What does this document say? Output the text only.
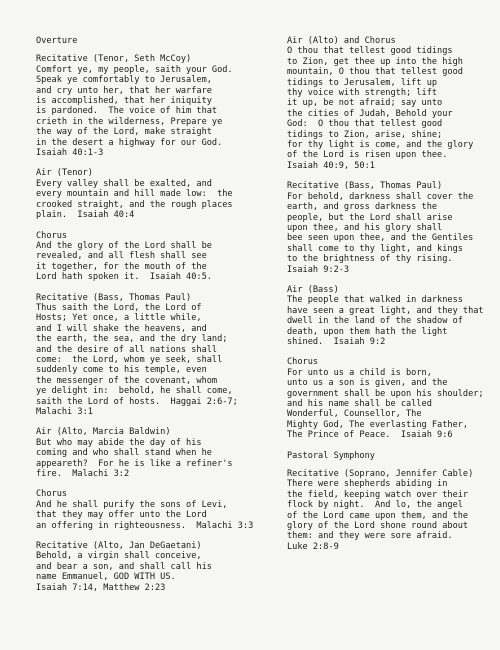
Overture
Recitative (Tenor, Seth McCoy)
Comfort ye, my people, saith your God.
Speak ye comfortably to Jerusalem,
and cry unto her, that her warfare
is accomplished, that her iniquity
is pardoned.  The voice of him that
crieth in the wilderness, Prepare ye
the way of the Lord, make straight
in the desert a highway for our God.
Isaiah 40:1-3
Air (Tenor)
Every valley shall be exalted, and
every mountain and hill made low:  the
crooked straight, and the rough places
plain.  Isaiah 40:4
Chorus
And the glory of the Lord shall be
revealed, and all flesh shall see
it together, for the mouth of the
Lord hath spoken it.  Isaiah 40:5.
Recitative (Bass, Thomas Paul)
Thus saith the Lord, the Lord of
Hosts; Yet once, a little while,
and I will shake the heavens, and
the earth, the sea, and the dry land;
and the desire of all nations shall
come:  the Lord, whom ye seek, shall
suddenly come to his temple, even
the messenger of the covenant, whom
ye delight in:  behold, he shall come,
saith the Lord of hosts.  Haggai 2:6-7;
Malachi 3:1
Air (Alto, Marcia Baldwin)
But who may abide the day of his
coming and who shall stand when he
appeareth?  For he is like a refiner's
fire.  Malachi 3:2
Chorus
And he shall purify the sons of Levi,
that they may offer unto the Lord
an offering in righteousness.  Malachi 3:3
Recitative (Alto, Jan DeGaetani)
Behold, a virgin shall conceive,
and bear a son, and shall call his
name Emmanuel, GOD WITH US.
Isaiah 7:14, Matthew 2:23
Air (Alto) and Chorus
O thou that tellest good tidings
to Zion, get thee up into the high
mountain, O thou that tellest good
tidings to Jerusalem, lift up
thy voice with strength; lift
it up, be not afraid; say unto
the cities of Judah, Behold your
God:  O thou that tellest good
tidings to Zion, arise, shine;
for thy light is come, and the glory
of the Lord is risen upon thee.
Isaiah 40:9, 50:1
Recitative (Bass, Thomas Paul)
For behold, darkness shall cover the
earth, and gross darkness the
people, but the Lord shall arise
upon thee, and his glory shall
bee seen upon thee, and the Gentiles
shall come to thy light, and kings
to the brightness of thy rising.
Isaiah 9:2-3
Air (Bass)
The people that walked in darkness
have seen a great light, and they that
dwell in the land of the shadow of
death, upon them hath the light
shined.  Isaiah 9:2
Chorus
For unto us a child is born,
unto us a son is given, and the
government shall be upon his shoulder;
and his name shall be called
Wonderful, Counsellor, The
Mighty God, The everlasting Father,
The Prince of Peace.  Isaiah 9:6
Pastoral Symphony
Recitative (Soprano, Jennifer Cable)
There were shepherds abiding in
the field, keeping watch over their
flock by night.  And lo, the angel
of the Lord came upon them, and the
glory of the Lord shone round about
them: and they were sore afraid.
Luke 2:8-9
